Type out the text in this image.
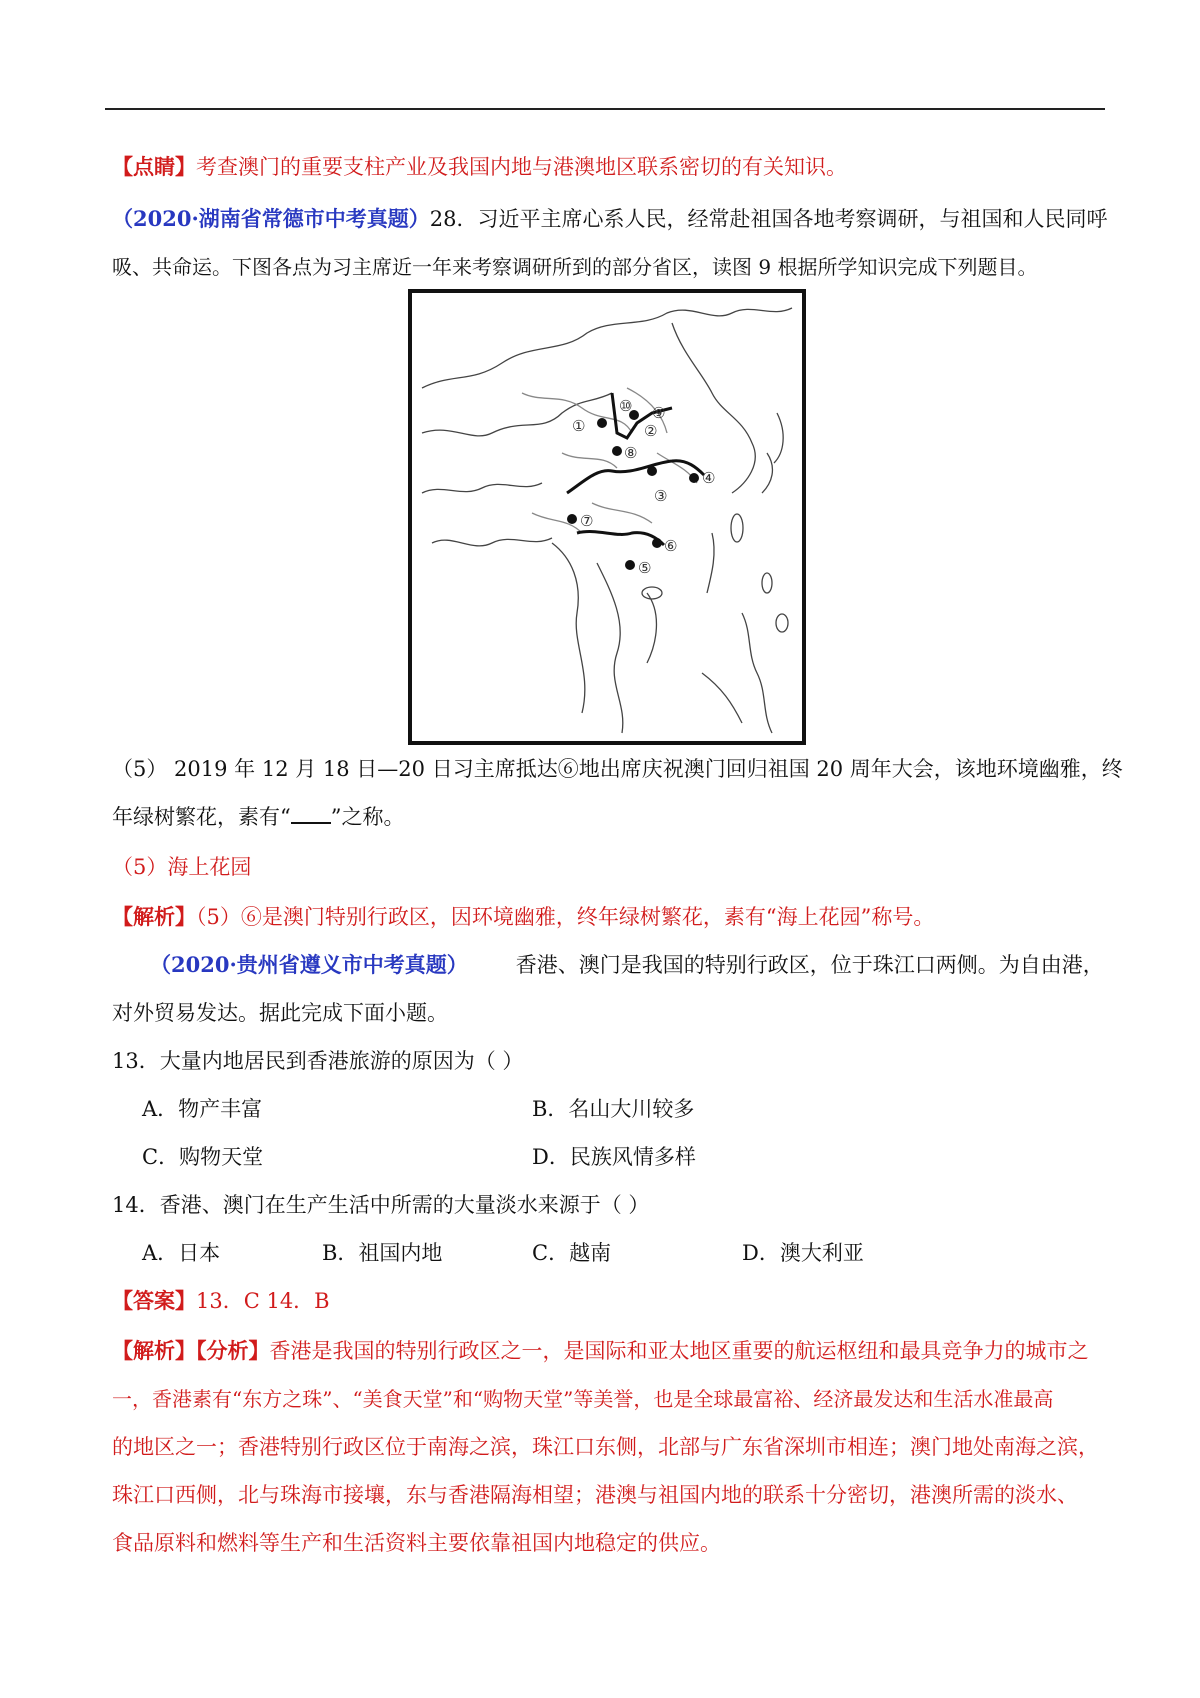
【点睛】考查澳门的重要支柱产业及我国内地与港澳地区联系密切的有关知识。
（2020·湖南省常德市中考真题）28．习近平主席心系人民，经常赴祖国各地考察调研，与祖国和人民同呼
吸、共命运。下图各点为习主席近一年来考察调研所到的部分省区，读图 9 根据所学知识完成下列题目。
①	②
③
④
⑤
⑥
⑦
⑧
⑨
⑩
（5） 2019 年 12 月 18 日—20 日习主席抵达⑥地出席庆祝澳门回归祖国 20 周年大会，该地环境幽雅，终
年绿树繁花，素有“ ”之称。
（5）海上花园
【解析】（5）⑥是澳门特别行政区，因环境幽雅，终年绿树繁花，素有“海上花园”称号。
（2020·贵州省遵义市中考真题） 香港、澳门是我国的特别行政区，位于珠江口两侧。为自由港，
对外贸易发达。据此完成下面小题。
13．大量内地居民到香港旅游的原因为（ ）
A．物产丰富	B．名山大川较多
C．购物天堂	D．民族风情多样
14．香港、澳门在生产生活中所需的大量淡水来源于（ ）
A．日本	B．祖国内地	C．越南	D．澳大利亚
【答案】13．C 14．B
【解析】【分析】香港是我国的特别行政区之一，是国际和亚太地区重要的航运枢纽和最具竞争力的城市之
一，香港素有“东方之珠”、“美食天堂”和“购物天堂”等美誉，也是全球最富裕、经济最发达和生活水准最高
的地区之一；香港特别行政区位于南海之滨，珠江口东侧，北部与广东省深圳市相连；澳门地处南海之滨，
珠江口西侧，北与珠海市接壤，东与香港隔海相望；港澳与祖国内地的联系十分密切，港澳所需的淡水、
食品原料和燃料等生产和生活资料主要依靠祖国内地稳定的供应。
